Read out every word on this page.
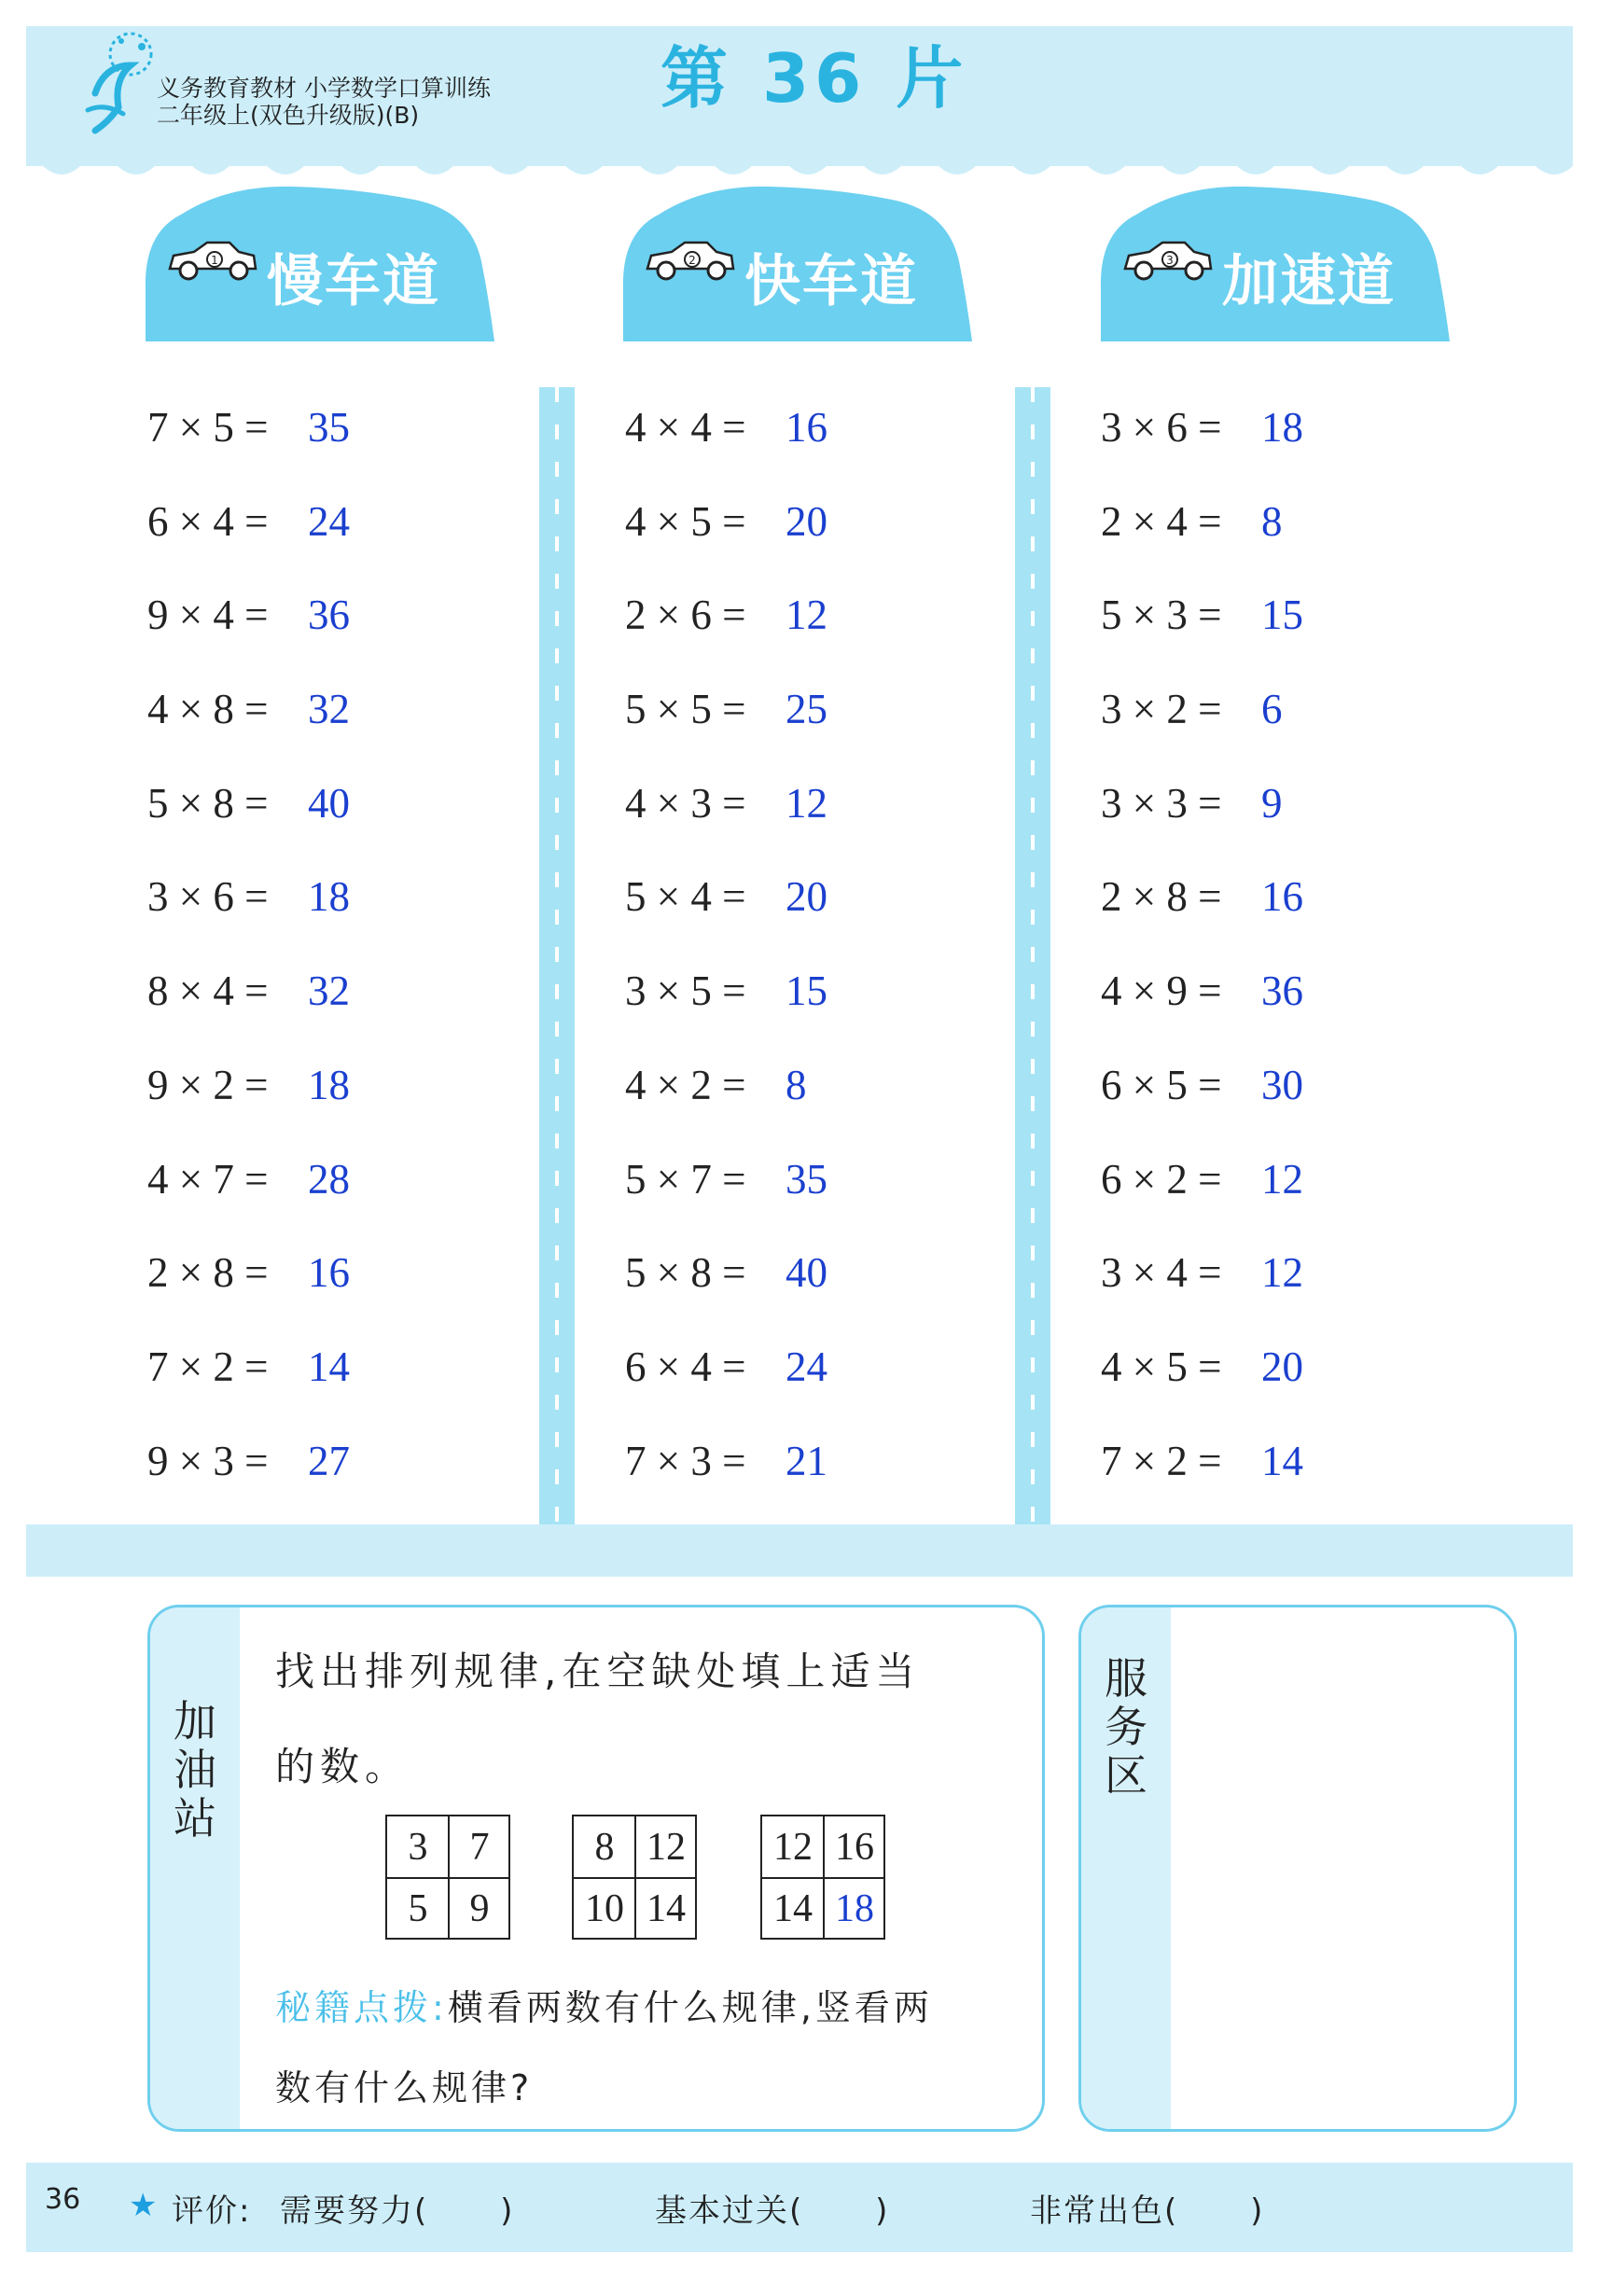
义务教育教材 小学数学口算训练
二年级上(双色升级版)(B)	第 36 片
1 慢车道	2 快车道	3 加速道
7 × 5 = 35
6 × 4 = 24
9 × 4 = 36
4 × 8 = 32
5 × 8 = 40
3 × 6 = 18
8 × 4 = 32
9 × 2 = 18
4 × 7 = 28
2 × 8 = 16
7 × 2 = 14
9 × 3 = 27
4 × 4 = 16
4 × 5 = 20
2 × 6 = 12
5 × 5 = 25
4 × 3 = 12
5 × 4 = 20
3 × 5 = 15
4 × 2 = 8
5 × 7 = 35
5 × 8 = 40
6 × 4 = 24
7 × 3 = 21
3 × 6 = 18
2 × 4 = 8
5 × 3 = 15
3 × 2 = 6
3 × 3 = 9
2 × 8 = 16
4 × 9 = 36
6 × 5 = 30
6 × 2 = 12
3 × 4 = 12
4 × 5 = 20
7 × 2 = 14
加
油
站
找出排列规律,在空缺处填上适当
的数。
3	7
5	9
8 12
10 14
12 16
14 18
秘籍点拨:横看两数有什么规律,竖看两
数有什么规律?
服
务
区
36 ★ 评价: 需要努力( )	基本过关( )	非常出色( )
